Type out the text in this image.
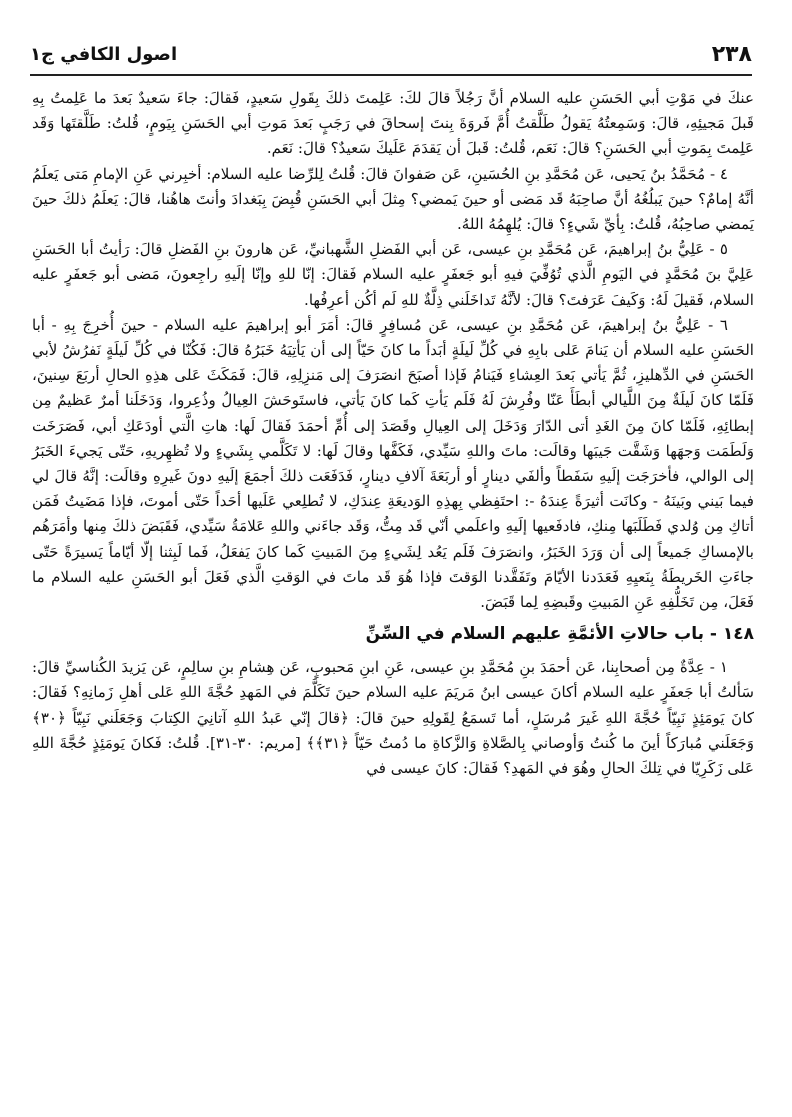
٢٣٨
اصول الكافي ج١

عنكَ في مَوْتِ أبي الحَسَنِ عليه السلام أنَّ رَجُلاً قالَ لكَ: عَلِمتَ ذلكَ بِقَولِ سَعيدٍ، فَقالَ: جاءَ سَعيدٌ بَعدَ ما عَلِمتُ بِهِ قَبلَ مَجيئِهِ، قالَ: وَسَمِعتُهُ يَقولُ طَلَّقتُ أُمَّ فَروَةَ بِنتَ إسحاقَ في رَجَبٍ بَعدَ مَوتِ أبي الحَسَنِ بِيَومٍ، قُلتُ: طَلَّقتَها وَقَد عَلِمتَ بِمَوتِ أبي الحَسَنِ؟ قالَ: نَعَم، قُلتُ: قَبلَ أن يَقدَمَ عَلَيكَ سَعيدٌ؟ قالَ: نَعَم.

٤ - مُحَمَّدُ بنُ يَحيى، عَن مُحَمَّدِ بنِ الحُسَينِ، عَن صَفوانَ قالَ: قُلتُ لِلرِّضا عليه السلام: أخبِرني عَنِ الإمامِ مَتى يَعلَمُ أنَّهُ إمامٌ؟ حينَ يَبلُغُهُ أنَّ صاحِبَهُ قَد مَضى أو حينَ يَمضي؟ مِثلَ أبي الحَسَنِ قُبِضَ بِبَغدادَ وأنتَ هاهُنا، قالَ: يَعلَمُ ذلكَ حينَ يَمضي صاحِبُهُ، قُلتُ: بِأيِّ شَيءٍ؟ قالَ: يُلهِمُهُ اللهُ.

٥ - عَلِيُّ بنُ إبراهيمَ، عَن مُحَمَّدِ بنِ عيسى، عَن أبي الفَضلِ الشَّهبانيِّ، عَن هارونَ بنِ الفَضلِ قالَ: رَأيتُ أبا الحَسَنِ عَلِيَّ بنَ مُحَمَّدٍ في اليَومِ الَّذي تُوُفِّيَ فيهِ أبو جَعفَرٍ عليه السلام فَقالَ: إنّا للهِ وإنّا إلَيهِ راجِعونَ، مَضى أبو جَعفَرٍ عليه السلام، فَقيلَ لَهُ: وَكَيفَ عَرَفتَ؟ قالَ: لأنَّهُ تَداخَلَني ذِلَّةٌ للهِ لَم أكُن أعرِفُها.

٦ - عَلِيُّ بنُ إبراهيمَ، عَن مُحَمَّدِ بنِ عيسى، عَن مُسافِرٍ قالَ: أمَرَ أبو إبراهيمَ عليه السلام - حينَ أُخرِجَ بِهِ - أبا الحَسَنِ عليه السلام أن يَنامَ عَلى بابِهِ في كُلِّ لَيلَةٍ أبَداً ما كانَ حَيّاً إلى أن يَأتِيَهُ خَبَرُهُ قالَ: فَكُنّا في كُلِّ لَيلَةٍ نَفرُشُ لأبي الحَسَنِ في الدِّهليزِ، ثُمَّ يَأتي بَعدَ العِشاءِ فَيَنامُ فَإذا أصبَحَ انصَرَفَ إلى مَنزِلِهِ، قالَ: فَمَكَثَ عَلى هذِهِ الحالِ أربَعَ سِنينَ، فَلَمّا كانَ لَيلَةٌ مِنَ اللَّيالي أبطَأَ عَنّا وفُرِشَ لَهُ فَلَم يَأتِ كَما كانَ يَأتي، فاستَوحَشَ العِيالُ وذُعِروا، وَدَخَلَنا أمرٌ عَظيمٌ مِن إبطائِهِ، فَلَمّا كانَ مِنَ الغَدِ أتى الدّارَ وَدَخَلَ إلى العِيالِ وقَصَدَ إلى أُمِّ أحمَدَ فَقالَ لَها: هاتِ الَّتي أودَعَكِ أبي، فَصَرَخَت وَلَطَمَت وَجهَها وَشَقَّت جَيبَها وقالَت: ماتَ واللهِ سَيِّدي، فَكَفَّها وقالَ لَها: لا تَكَلَّمي بِشَيءٍ ولا تُظهِريهِ، حَتّى يَجيءَ الخَبَرُ إلى الوالي، فأخرَجَت إلَيهِ سَفَطاً وألفَي دينارٍ أو أربَعَةَ آلافِ دينارٍ، فَدَفَعَت ذلكَ أجمَعَ إلَيهِ دونَ غَيرِهِ وقالَت: إنَّهُ قالَ لي فيما بَيني وبَينَهُ - وكانَت أثيرَةً عِندَهُ -: احتَفِظي بِهذِهِ الوَديعَةِ عِندَكِ، لا تُطلِعي عَلَيها أحَداً حَتّى أموتَ، فإذا مَضَيتُ فَمَن أتاكِ مِن وُلدي فَطَلَبَها مِنكِ، فادفَعيها إلَيهِ واعلَمي أنّي قَد مِتُّ، وَقَد جاءَني واللهِ عَلامَةُ سَيِّدي، فَقَبَضَ ذلكَ مِنها وأمَرَهُم بالإمساكِ جَميعاً إلى أن وَرَدَ الخَبَرُ، وانصَرَفَ فَلَم يَعُد لِشَيءٍ مِنَ المَبيتِ كَما كانَ يَفعَلُ، فَما لَبِثنا إلّا أيّاماً يَسيرَةً حَتّى جاءَتِ الخَريطَةُ بِنَعيِهِ فَعَدَدنا الأيّامَ وتَفَقَّدنا الوَقتَ فإذا هُوَ قَد ماتَ في الوَقتِ الَّذي فَعَلَ أبو الحَسَنِ عليه السلام ما فَعَلَ، مِن تَخَلُّفِهِ عَنِ المَبيتِ وقَبضِهِ لِما قَبَضَ.

١٤٨ - باب حالاتِ الأئمَّةِ عليهم السلام في السِّنِّ

١ - عِدَّةٌ مِن أصحابِنا، عَن أحمَدَ بنِ مُحَمَّدِ بنِ عيسى، عَنِ ابنِ مَحبوبٍ، عَن هِشامِ بنِ سالِمٍ، عَن يَزيدَ الكُناسيِّ قالَ: سَألتُ أبا جَعفَرٍ عليه السلام أكانَ عيسى ابنُ مَريَمَ عليه السلام حينَ تَكَلَّمَ في المَهدِ حُجَّةَ اللهِ عَلى أهلِ زَمانِهِ؟ فَقالَ: كانَ يَومَئِذٍ نَبِيّاً حُجَّةَ اللهِ غَيرَ مُرسَلٍ، أما تَسمَعُ لِقَولِهِ حينَ قالَ: ﴿قالَ إنّي عَبدُ اللهِ آتانِيَ الكِتابَ وَجَعَلَني نَبِيّاً ﴿٣٠﴾ وَجَعَلَني مُبارَكاً أينَ ما كُنتُ وَأوصاني بِالصَّلاةِ وَالزَّكاةِ ما دُمتُ حَيّاً ﴿٣١﴾﴾ [مريم: ٣٠-٣١]. قُلتُ: فَكانَ يَومَئِذٍ حُجَّةَ اللهِ عَلى زَكَرِيّا في تِلكَ الحالِ وهُوَ في المَهدِ؟ فَقالَ: كانَ عيسى في
